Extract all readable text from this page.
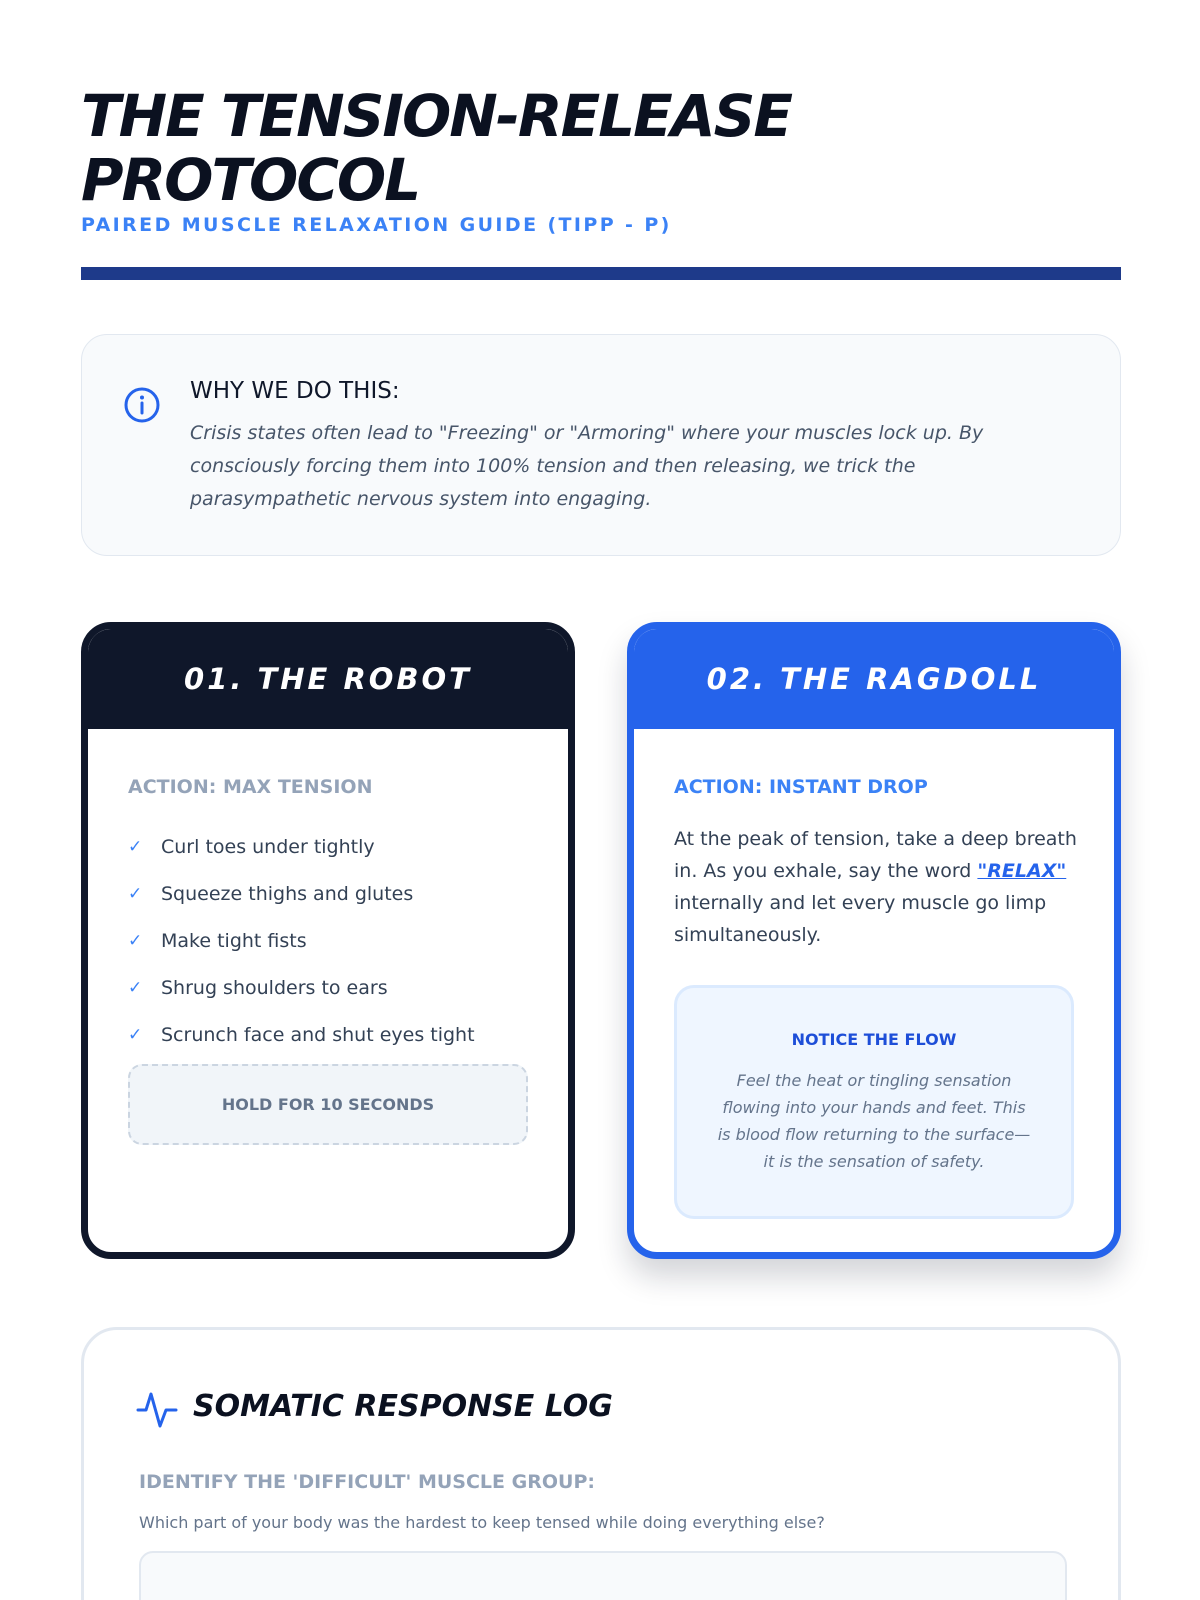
THE TENSION-RELEASE PROTOCOL
PAIRED MUSCLE RELAXATION GUIDE (TIPP - P)
WHY WE DO THIS:

Crisis states often lead to "Freezing" or "Armoring" where your muscles lock up. By consciously forcing them into 100% tension and then releasing, we trick the parasympathetic nervous system into engaging.

01. THE ROBOT
ACTION: MAX TENSION
✓ Curl toes under tightly
✓ Squeeze thighs and glutes
✓ Make tight fists
✓ Shrug shoulders to ears
✓ Scrunch face and shut eyes tight
HOLD FOR 10 SECONDS
02. THE RAGDOLL
ACTION: INSTANT DROP

At the peak of tension, take a deep breath in. As you exhale, say the word "RELAX" internally and let every muscle go limp simultaneously.

NOTICE THE FLOW

Feel the heat or tingling sensation flowing into your hands and feet. This is blood flow returning to the surface—it is the sensation of safety.

SOMATIC RESPONSE LOG
IDENTIFY THE 'DIFFICULT' MUSCLE GROUP:
Which part of your body was the hardest to keep tensed while doing everything else?
